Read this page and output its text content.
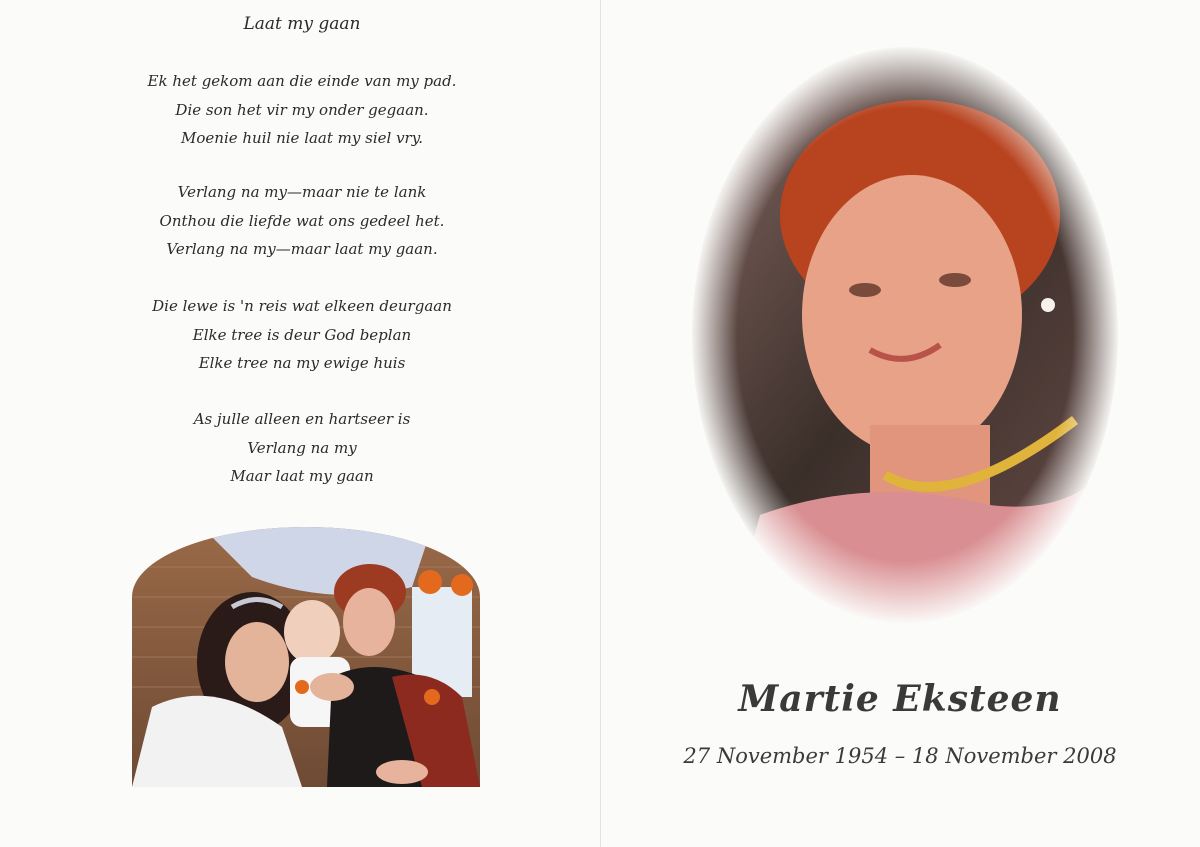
Laat my gaan
Ek het gekom aan die einde van my pad.
Die son het vir my onder gegaan.
Moenie huil nie laat my siel vry.
Verlang na my—maar nie te lank
Onthou die liefde wat ons gedeel het.
Verlang na my—maar laat my gaan.
Die lewe is 'n reis wat elkeen deurgaan
Elke tree is deur God beplan
Elke tree na my ewige huis
As julle alleen en hartseer is
Verlang na my
Maar laat my gaan
Martie Eksteen
27 November 1954 – 18 November 2008
